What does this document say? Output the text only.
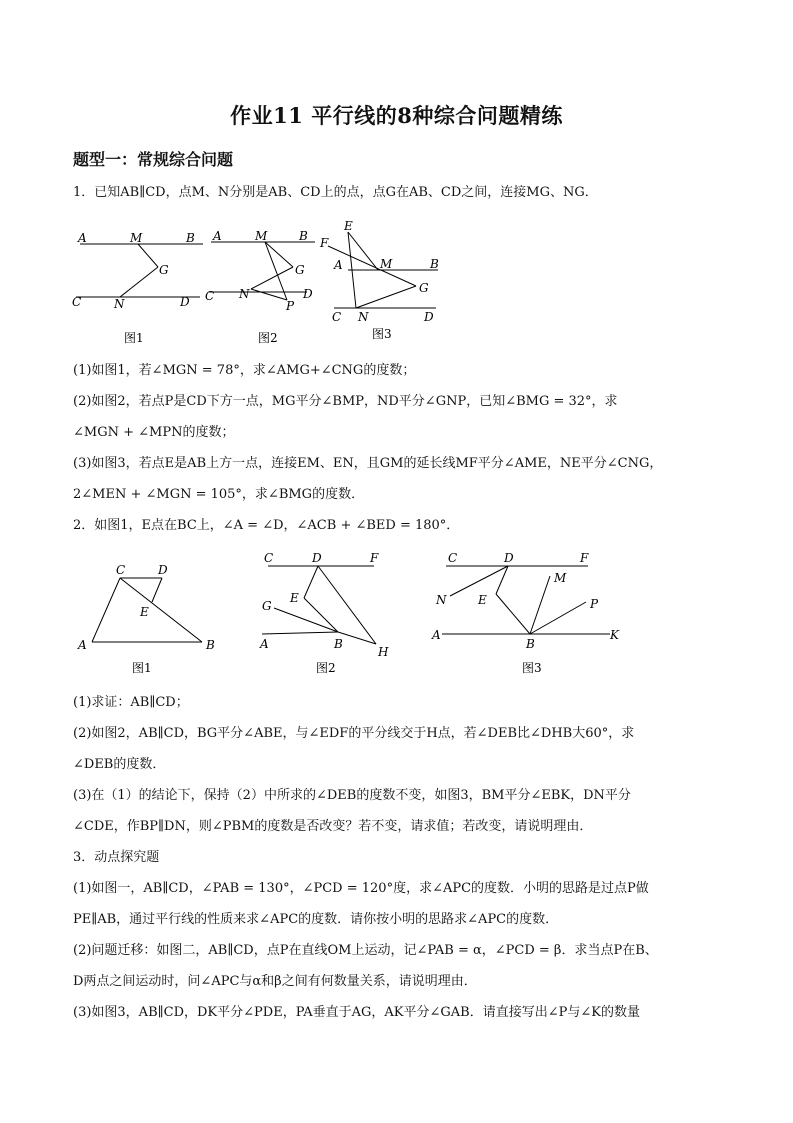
作业11 平行线的8种综合问题精练
题型一：常规综合问题
1．已知AB∥CD，点M、N分别是AB、CD上的点，点G在AB、CD之间，连接MG、NG．
A	M	B
G
C	N	D
图1
A	M	B
G
C N	D
P
图2
E
F
A	M	B
G
C N	D
图3
(1)如图1，若∠MGN = 78°，求∠AMG+∠CNG的度数；
(2)如图2，若点P是CD下方一点，MG平分∠BMP，ND平分∠GNP，已知∠BMG = 32°，求
∠MGN + ∠MPN的度数；
(3)如图3，若点E是AB上方一点，连接EM、EN，且GM的延长线MF平分∠AME，NE平分∠CNG，
2∠MEN + ∠MGN = 105°，求∠BMG的度数．
2．如图1，E点在BC上，∠A = ∠D，∠ACB + ∠BED = 180°．
C	D
E
A	B
图1
C	D	F
E
G
A	B
H
图2
C	D	F
M
N	E	P
A
B
K
图3
(1)求证：AB∥CD；
(2)如图2，AB∥CD，BG平分∠ABE，与∠EDF的平分线交于H点，若∠DEB比∠DHB大60°，求
∠DEB的度数．
(3)在（1）的结论下，保持（2）中所求的∠DEB的度数不变，如图3，BM平分∠EBK，DN平分
∠CDE，作BP∥DN，则∠PBM的度数是否改变？若不变，请求值；若改变，请说明理由．
3．动点探究题
(1)如图一，AB∥CD，∠PAB = 130°，∠PCD = 120°度，求∠APC的度数．小明的思路是过点P做
PE∥AB，通过平行线的性质来求∠APC的度数．请你按小明的思路求∠APC的度数．
(2)问题迁移：如图二，AB∥CD，点P在直线OM上运动，记∠PAB = α，∠PCD = β．求当点P在B、
D两点之间运动时，问∠APC与α和β之间有何数量关系，请说明理由．
(3)如图3，AB∥CD，DK平分∠PDE，PA垂直于AG，AK平分∠GAB．请直接写出∠P与∠K的数量
